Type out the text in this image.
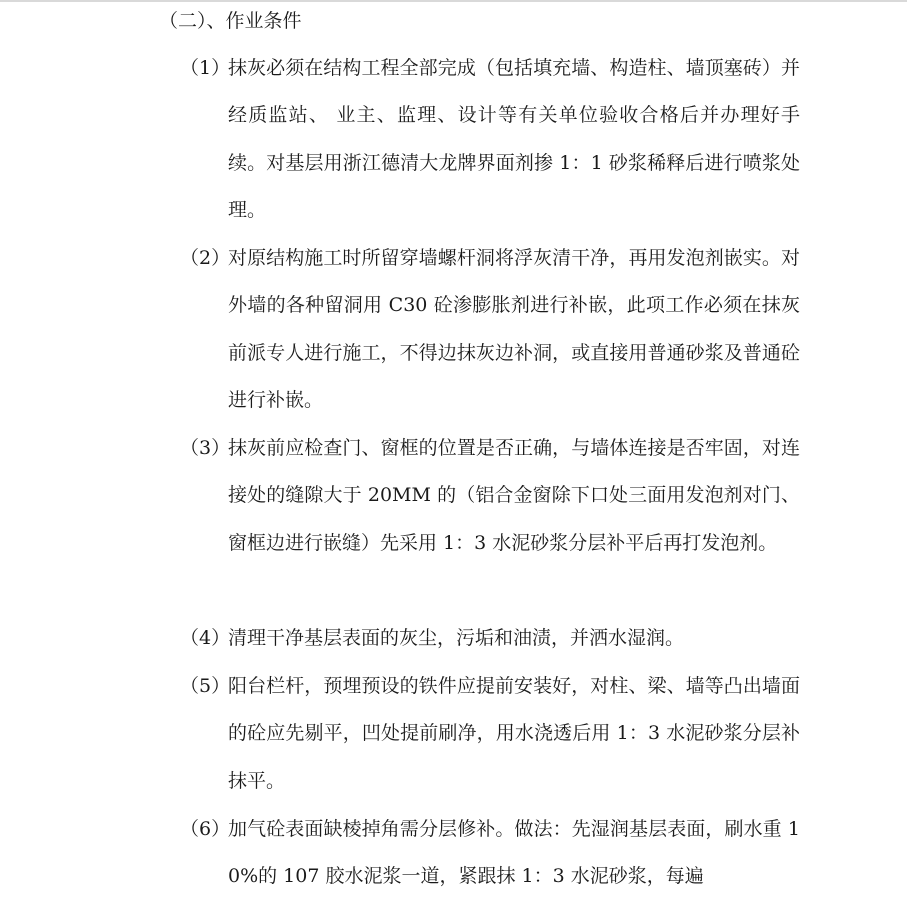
（二）、作业条件
（1）
抹灰必须在结构工程全部完成（包括填充墙、构造柱、墙顶塞砖）并经质监站、 业主、监理、设计等有关单位验收合格后并办理好手续。对基层用浙江德清大龙牌界面剂掺 1：1 砂浆稀释后进行喷浆处理。
（2）
对原结构施工时所留穿墙螺杆洞将浮灰清干净，再用发泡剂嵌实。对外墙的各种留洞用 C30 砼渗膨胀剂进行补嵌，此项工作必须在抹灰前派专人进行施工，不得边抹灰边补洞，或直接用普通砂浆及普通砼进行补嵌。
（3）
抹灰前应检查门、窗框的位置是否正确，与墙体连接是否牢固，对连接处的缝隙大于 20MM 的（铝合金窗除下口处三面用发泡剂对门、窗框边进行嵌缝）先采用 1：3 水泥砂浆分层补平后再打发泡剂。
（4）
清理干净基层表面的灰尘，污垢和油渍，并洒水湿润。
（5）
阳台栏杆，预埋预设的铁件应提前安装好，对柱、梁、墙等凸出墙面的砼应先剔平，凹处提前刷净，用水浇透后用 1：3 水泥砂浆分层补抹平。
（6）
加气砼表面缺棱掉角需分层修补。做法：先湿润基层表面，刷水重 10%的 107 胶水泥浆一道，紧跟抹 1：3 水泥砂浆，每遍
